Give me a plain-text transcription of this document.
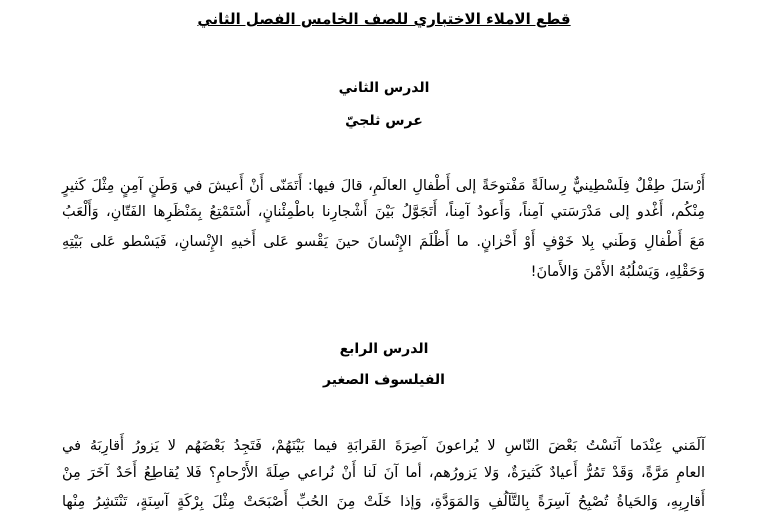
قطع الاملاء الاختباري للصف الخامس الفصل الثاني
الدرس الثاني
عرس ثلجيّ
أَرْسَلَ طِفْلٌ فِلَسْطِينيٌّ رِسالَةً مَفْتوحَةً إلى أَطْفالِ العالَمِ، قالَ فيها: أَتَمَنّى أَنْ أَعيشَ في وَطَنٍ آمِنٍ مِثْلَ كَثيرٍ
مِنْكُم، أَغْدو إلى مَدْرَسَتي آمِناً، وَأَعودُ آمِناً، أَتَجَوَّلُ بَيْنَ أَشْجارِنا باطْمِئْنانٍ، أَسْتَمْتِعُ بِمَنْظَرِها الفَتّانِ، وَأَلْعَبُ
مَعَ أَطْفالِ وَطَني بِلا خَوْفٍ أَوْ أَحْزانٍ. ما أَظْلَمَ الإِنْسانَ حينَ يَقْسو عَلى أَخيهِ الإِنْسانِ، فَيَسْطو عَلى بَيْتِهِ
وَحَقْلِهِ، وَيَسْلُبُهُ الأَمْنَ وَالأَمانَ!
الدرس الرابع
الفيلسوف الصغير
آلَمَني عِنْدَما آنَسْتُ بَعْضَ النّاسِ لا يُراعونَ آصِرَةَ القَرابَةِ فيما بَيْنَهُمْ، فَتَجِدُ بَعْضَهُم لا يَزورُ أَقارِبَهُ في
العامِ مَرَّةً، وَقَدْ تَمُرُّ أَعيادٌ كَثيرَةٌ، وَلا يَزورُهم، أما آنَ لَنا أَنْ نُراعي صِلَةَ الأَرْحامِ؟ فَلا يُقاطِعُ أَحَدٌ آخَرَ مِنْ
أَقارِبِهِ، وَالحَياةُ تُصْبِحُ آسِرَةً بِالتَّآلُفِ وَالمَوَدَّةِ، وَإذا خَلَتْ مِنَ الحُبِّ أَصْبَحَتْ مِثْلَ بِرْكَةٍ آسِنَةٍ، تَنْتَشِرُ مِنْها
